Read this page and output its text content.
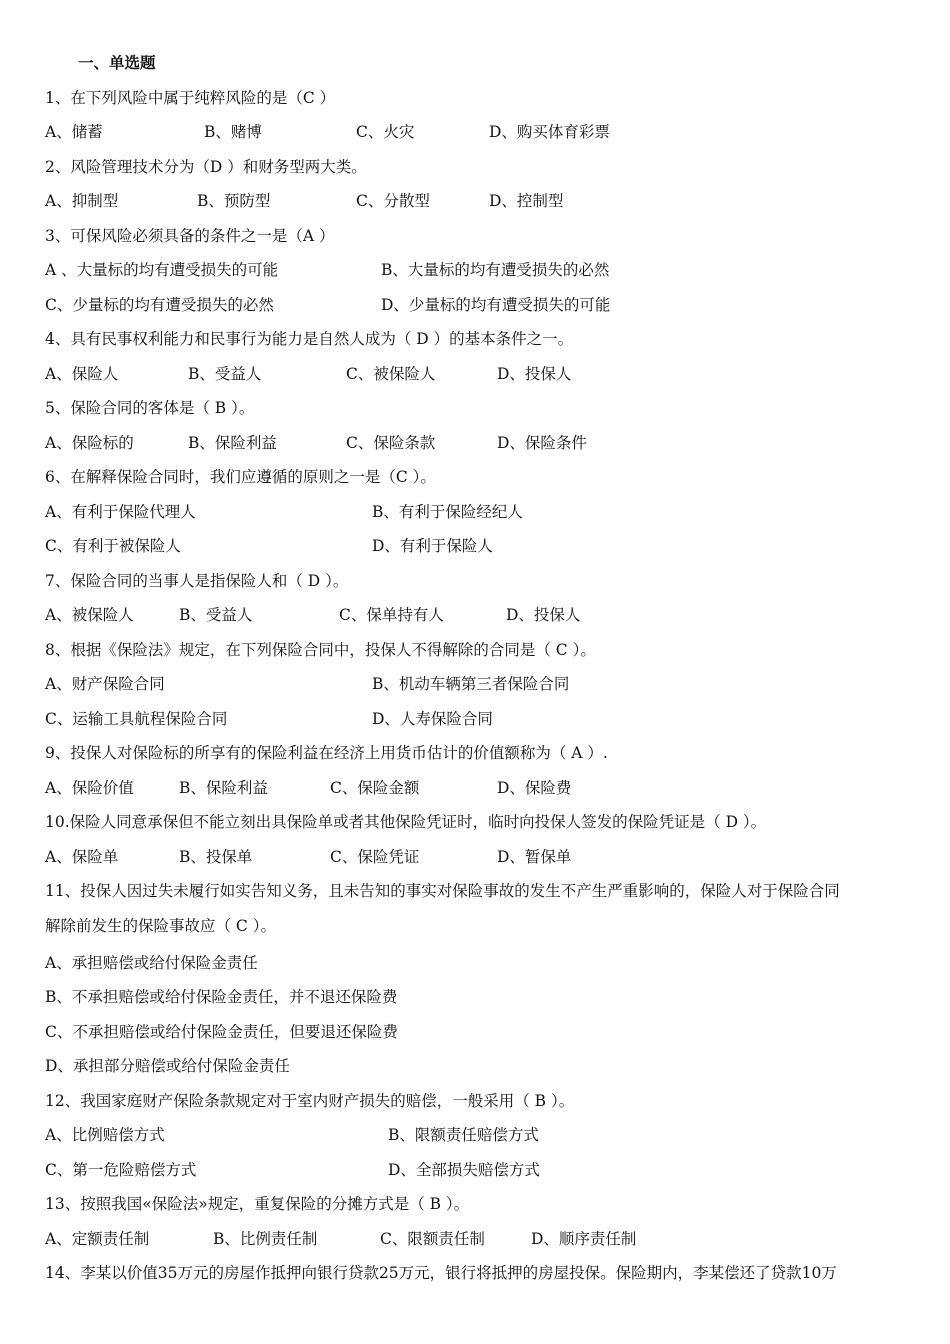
一、单选题
1、在下列风险中属于纯粹风险的是（C ）
A、储蓄	B、赌博	C、火灾	D、购买体育彩票
2、风险管理技术分为（D ）和财务型两大类。
A、抑制型	B、预防型	C、分散型	D、控制型
3、可保风险必须具备的条件之一是（A ）
A 、大量标的均有遭受损失的可能	B、大量标的均有遭受损失的必然
C、少量标的均有遭受损失的必然	D、少量标的均有遭受损失的可能
4、具有民事权利能力和民事行为能力是自然人成为（ D ）的基本条件之一。
A、保险人	B、受益人	C、被保险人	D、投保人
5、保险合同的客体是（ B ）。
A、保险标的	B、保险利益	C、保险条款	D、保险条件
6、在解释保险合同时，我们应遵循的原则之一是（C ）。
A、有利于保险代理人	B、有利于保险经纪人
C、有利于被保险人	D、有利于保险人
7、保险合同的当事人是指保险人和（ D ）。
A、被保险人	B、受益人	C、保单持有人	D、投保人
8、根据《保险法》规定，在下列保险合同中，投保人不得解除的合同是（ C ）。
A、财产保险合同	B、机动车辆第三者保险合同
C、运输工具航程保险合同	D、人寿保险合同
9、投保人对保险标的所享有的保险利益在经济上用货币估计的价值额称为（ A ）.
A、保险价值	B、保险利益	C、保险金额	D、保险费
10.保险人同意承保但不能立刻出具保险单或者其他保险凭证时，临时向投保人签发的保险凭证是（ D ）。
A、保险单	B、投保单	C、保险凭证	D、暂保单
11、投保人因过失未履行如实告知义务，且未告知的事实对保险事故的发生不产生严重影响的，保险人对于保险合同
解除前发生的保险事故应（ C ）。
A、承担赔偿或给付保险金责任
B、不承担赔偿或给付保险金责任，并不退还保险费
C、不承担赔偿或给付保险金责任，但要退还保险费
D、承担部分赔偿或给付保险金责任
12、我国家庭财产保险条款规定对于室内财产损失的赔偿，一般采用（ B ）。
A、比例赔偿方式	B、限额责任赔偿方式
C、第一危险赔偿方式	D、全部损失赔偿方式
13、按照我国«保险法»规定，重复保险的分摊方式是（ B ）。
A、定额责任制	B、比例责任制	C、限额责任制	D、顺序责任制
14、李某以价值35万元的房屋作抵押向银行贷款25万元，银行将抵押的房屋投保。保险期内，李某偿还了贷款10万
